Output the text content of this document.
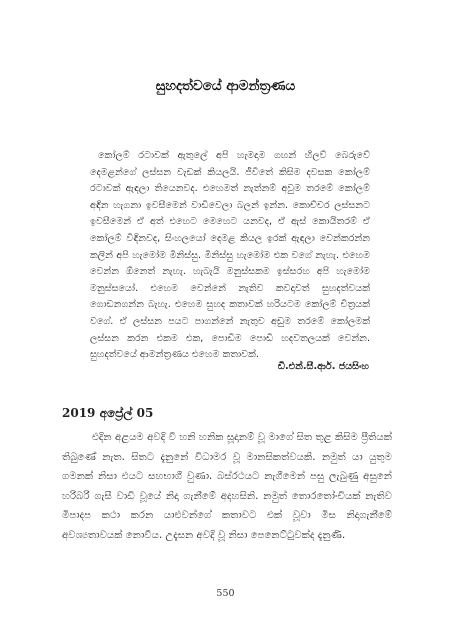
සුහදත්වයේ ආමන්ත්‍රණය

කෝලම් රටාවක් ඇතුලේ අපි හැමදාම ගහන් හිලව් බෙරුවේ දෙමළන්ගේ ලස්සන වැඩක් කියලයි. ජීවිතේ කිසිම දවසක කෝලම් රටාවක් ඇඳලා තියෙනවද. එහෙමත් නැත්නම් අවුම තරමේ කෝලම් අඳින හැගනා ඉවසීමෙන් වාඩිවෙලා බලන් ඉන්න. කොච්චර ලස්සනට ඉවසීමෙන් ඒ අත් එහෙට මෙහෙට යනවද, ඒ ඇස් කොයිතරම් ඒ කෝලම් විඳිනවද, සිංහලයෝ දෙමළ කියල ඉරක් ඇඳලා වෙන්කරන්න කලින් අපි හැමෝම මිනිස්සු. මිනිස්සු හැමෝම එක වගේ නැහැ. එහෙම වෙන්න ඕනෙත් නැහැ. හැබැයි මනුස්සකම ඉස්සරහ අපි හැමෝම මනුස්සයෝ. එහෙම වෙන්නේ නැතිව කවදාවත් සුහදත්වයක් ගොඩනගන්න බැහැ. එහෙම සුහද කතාවක් හරියටම කෝලම් චිත්‍රයක් වගේ. ඒ ලස්සන පයට පාගන්නේ නැතුව අඩුම තරමේ කෝලමක් ලස්සන කරන එකම එක, පොඩිම පොඩි හදවතලයක් වෙන්න. සුහදත්වයේ ආමන්ත්‍රණය එහෙම කතාවක්.

ඩී.එන්.සී.ආර්. ජයසිංහ
2019 අප්‍රේල් 05

එදින අළයම අවදි වී හනි හනික සූදානම් වූ මාගේ සිත තුළ කිසිම ප්‍රීතියක් තිබුණේ නැත. සිතට දැනුනේ විධාමර වූ මානසිකත්වයකි. නමුත් යා යුතුම ගමනක් නිසා එයට සහභාගී වුණා. බස්රථයට නැගීමෙන් පසු ලැබුණු අසුනේ හරිබරි ගැසී වාඩි වූයේ නිදා ගැනීමේ අදහසිනි. නමුත් තොරතෝංචියක් නැතිව මිපාදප කථා කරන යාළුවන්ගේ කතාවට එක් වූවා මිස නිදාගැනීමේ අවශ්‍යතාවයක් නොවීය. උදැසන අවදි වූ නිසා පෙනෙට්ටුවක්ද දැනුණි.

550
